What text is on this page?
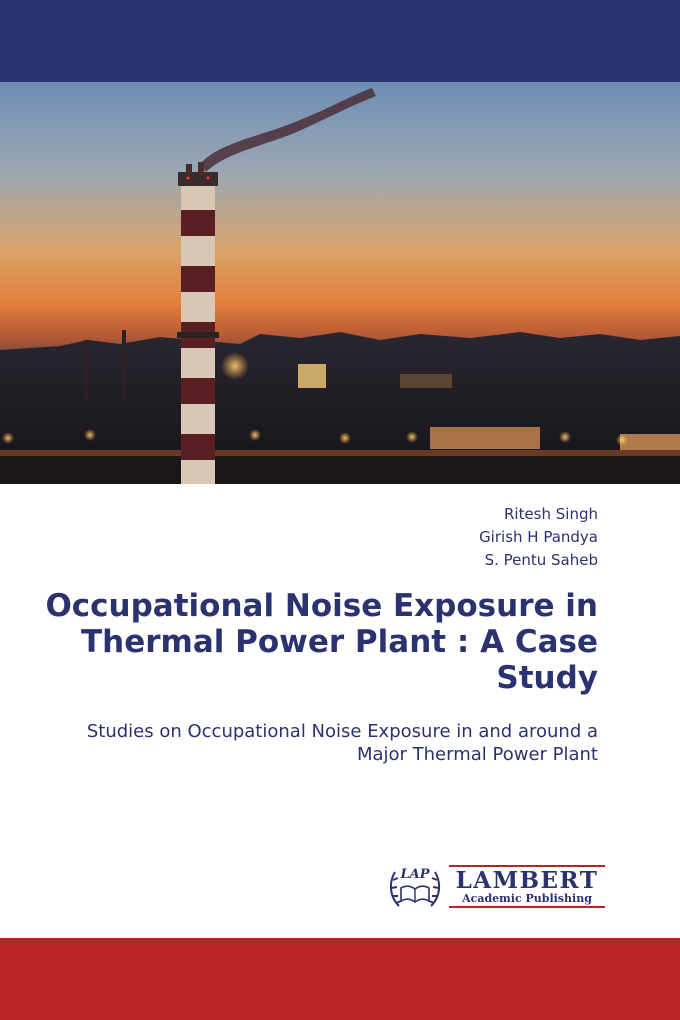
Ritesh Singh
Girish H Pandya
S. Pentu Saheb
Occupational Noise Exposure in Thermal Power Plant : A Case Study

Studies on Occupational Noise Exposure in and around a Major Thermal Power Plant

LAP LAMBERT
Academic Publishing
